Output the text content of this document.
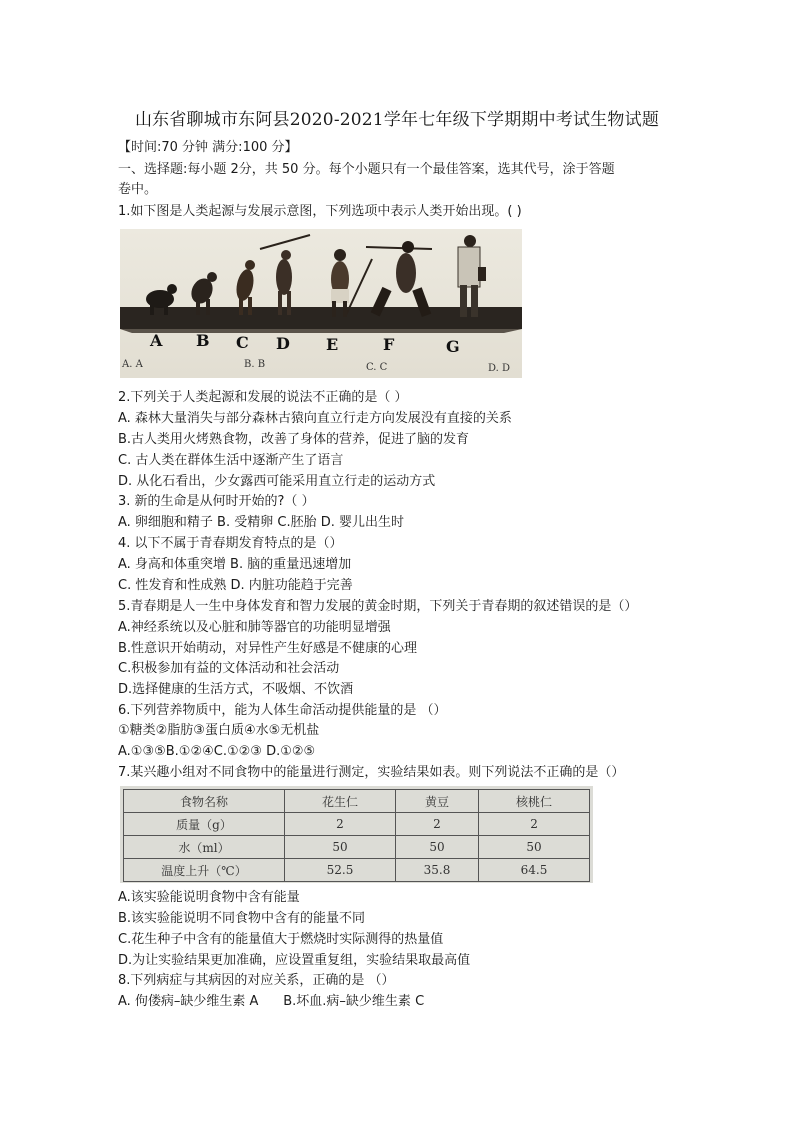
山东省聊城市东阿县2020-2021学年七年级下学期期中考试生物试题
【时间:70 分钟 满分:100 分】
一、选择题:每小题 2分，共 50 分。每个小题只有一个最佳答案，选其代号，涂于答题
卷中。
1.如下图是人类起源与发展示意图，下列选项中表示人类开始出现。( )
A B C D E	F	G
A. A	B. B	C. C	D. D
2.下列关于人类起源和发展的说法不正确的是（ ）
A. 森林大量消失与部分森林古猿向直立行走方向发展没有直接的关系
B.古人类用火烤熟食物，改善了身体的营养，促进了脑的发育
C. 古人类在群体生活中逐渐产生了语言
D. 从化石看出，少女露西可能采用直立行走的运动方式
3. 新的生命是从何时开始的?（ ）
A. 卵细胞和精子 B. 受精卵 C.胚胎 D. 婴儿出生时
4. 以下不属于青春期发育特点的是（）
A. 身高和体重突增 B. 脑的重量迅速增加
C. 性发育和性成熟 D. 内脏功能趋于完善
5.青春期是人一生中身体发育和智力发展的黄金时期，下列关于青春期的叙述错误的是（）
A.神经系统以及心脏和肺等器官的功能明显增强
B.性意识开始萌动，对异性产生好感是不健康的心理
C.积极参加有益的文体活动和社会活动
D.选择健康的生活方式，不吸烟、不饮酒
6.下列营养物质中，能为人体生命活动提供能量的是 （）
①糖类②脂肪③蛋白质④水⑤无机盐
A.①③⑤B.①②④C.①②③ D.①②⑤
7.某兴趣小组对不同食物中的能量进行测定，实验结果如表。则下列说法不正确的是（）
食物名称	花生仁	黄豆	核桃仁
质量（g）	2	2	2
水（ml）	50	50	50
温度上升（℃）	52.5	35.8	64.5
A.该实验能说明食物中含有能量
B.该实验能说明不同食物中含有的能量不同
C.花生种子中含有的能量值大于燃烧时实际测得的热量值
D.为让实验结果更加准确，应设置重复组，实验结果取最高值
8.下列病症与其病因的对应关系，正确的是 （）
A. 佝偻病–缺少维生素 A      B.坏血.病–缺少维生素 C
